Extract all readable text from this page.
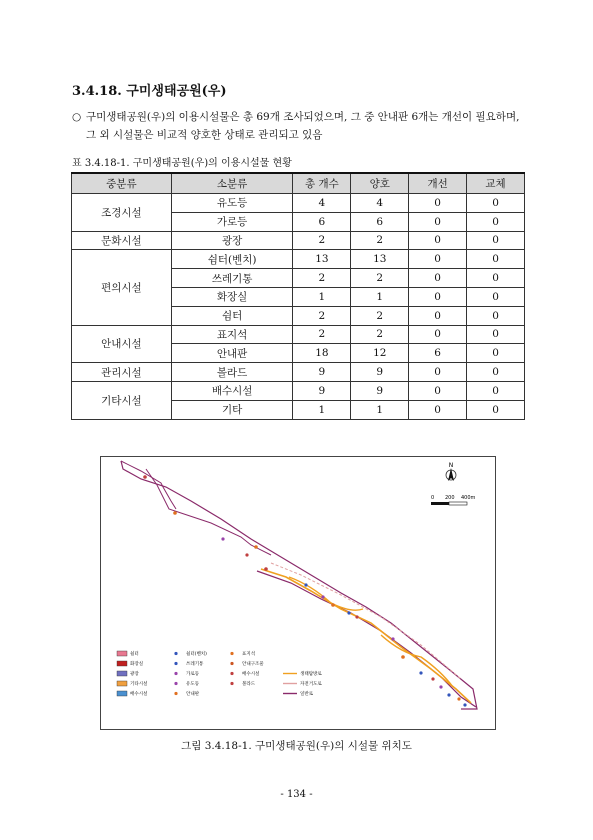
3.4.18. 구미생태공원(우)
○ 구미생태공원(우)의 이용시설물은 총 69개 조사되었으며, 그 중 안내판 6개는 개선이 필요하며, 그 외 시설물은 비교적 양호한 상태로 관리되고 있음
표 3.4.18-1. 구미생태공원(우)의 이용시설물 현황
중분류	소분류	총 개수	양호	개선	교체
조경시설	유도등	4	4	0	0
	가로등	6	6	0	0
문화시설	광장	2	2	0	0
편의시설	쉼터(벤치)	13	13	0	0
	쓰레기통	2	2	0	0
	화장실	1	1	0	0
	쉼터	2	2	0	0
안내시설	표지석	2	2	0	0
	안내판	18	12	6	0
관리시설	볼라드	9	9	0	0
기타시설	배수시설	9	9	0	0
	기타	1	1	0	0
N
0 200 400m
쉼터
화장실
광장
기타시설
배수시설
쉼터(벤치)
쓰레기통
가로등
유도등
안내판
표지석
안내구조물
배수시설
볼라드
생태탐방로
자전거도로
일반로
그림 3.4.18-1. 구미생태공원(우)의 시설물 위치도
- 134 -
